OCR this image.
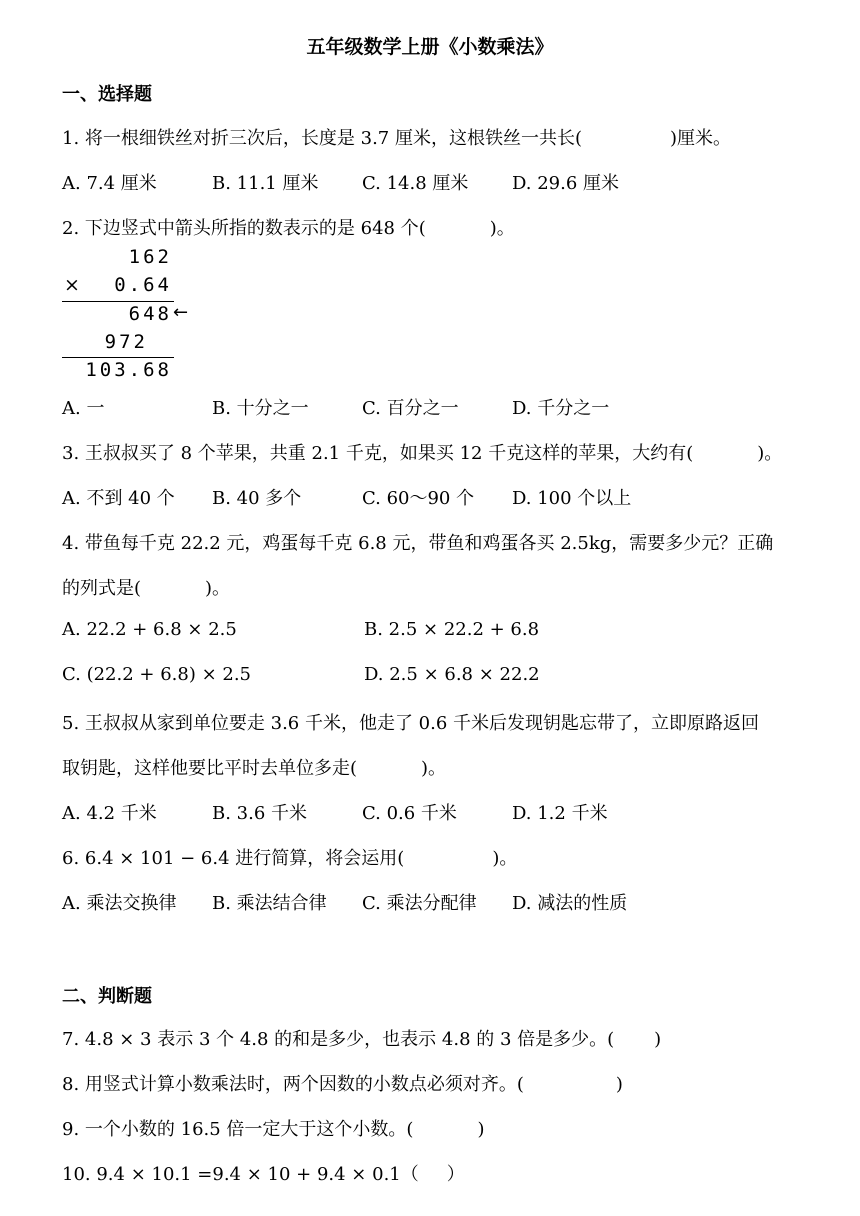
五年级数学上册《小数乘法》
一、选择题
1. 将一根细铁丝对折三次后，长度是 3.7 厘米，这根铁丝一共长(	)厘米。
A. 7.4 厘米	B. 11.1 厘米 C. 14.8 厘米 D. 29.6 厘米
2. 下边竖式中箭头所指的数表示的是 648 个(	)。
162
×	0.64
648 ←
972
103.68
A. 一	B. 十分之一	C. 百分之一	D. 千分之一
3. 王叔叔买了 8 个苹果，共重 2.1 千克，如果买 12 千克这样的苹果，大约有(	)。
A. 不到 40 个 B. 40 多个	C. 60～90 个 D. 100 个以上
4. 带鱼每千克 22.2 元，鸡蛋每千克 6.8 元，带鱼和鸡蛋各买 2.5kg，需要多少元？正确
的列式是(	)。
A. 22.2 + 6.8 × 2.5	B. 2.5 × 22.2 + 6.8
C. (22.2 + 6.8) × 2.5	D. 2.5 × 6.8 × 22.2
5. 王叔叔从家到单位要走 3.6 千米，他走了 0.6 千米后发现钥匙忘带了，立即原路返回
取钥匙，这样他要比平时去单位多走(	)。
A. 4.2 千米	B. 3.6 千米	C. 0.6 千米	D. 1.2 千米
6. 6.4 × 101 − 6.4 进行简算，将会运用(	)。
A. 乘法交换律 B. 乘法结合律 C. 乘法分配律 D. 减法的性质
二、判断题
7. 4.8 × 3 表示 3 个 4.8 的和是多少，也表示 4.8 的 3 倍是多少。( )
8. 用竖式计算小数乘法时，两个因数的小数点必须对齐。(	)
9. 一个小数的 16.5 倍一定大于这个小数。(	)
10. 9.4 × 10.1 =9.4 × 10 + 9.4 × 0.1（ ）
